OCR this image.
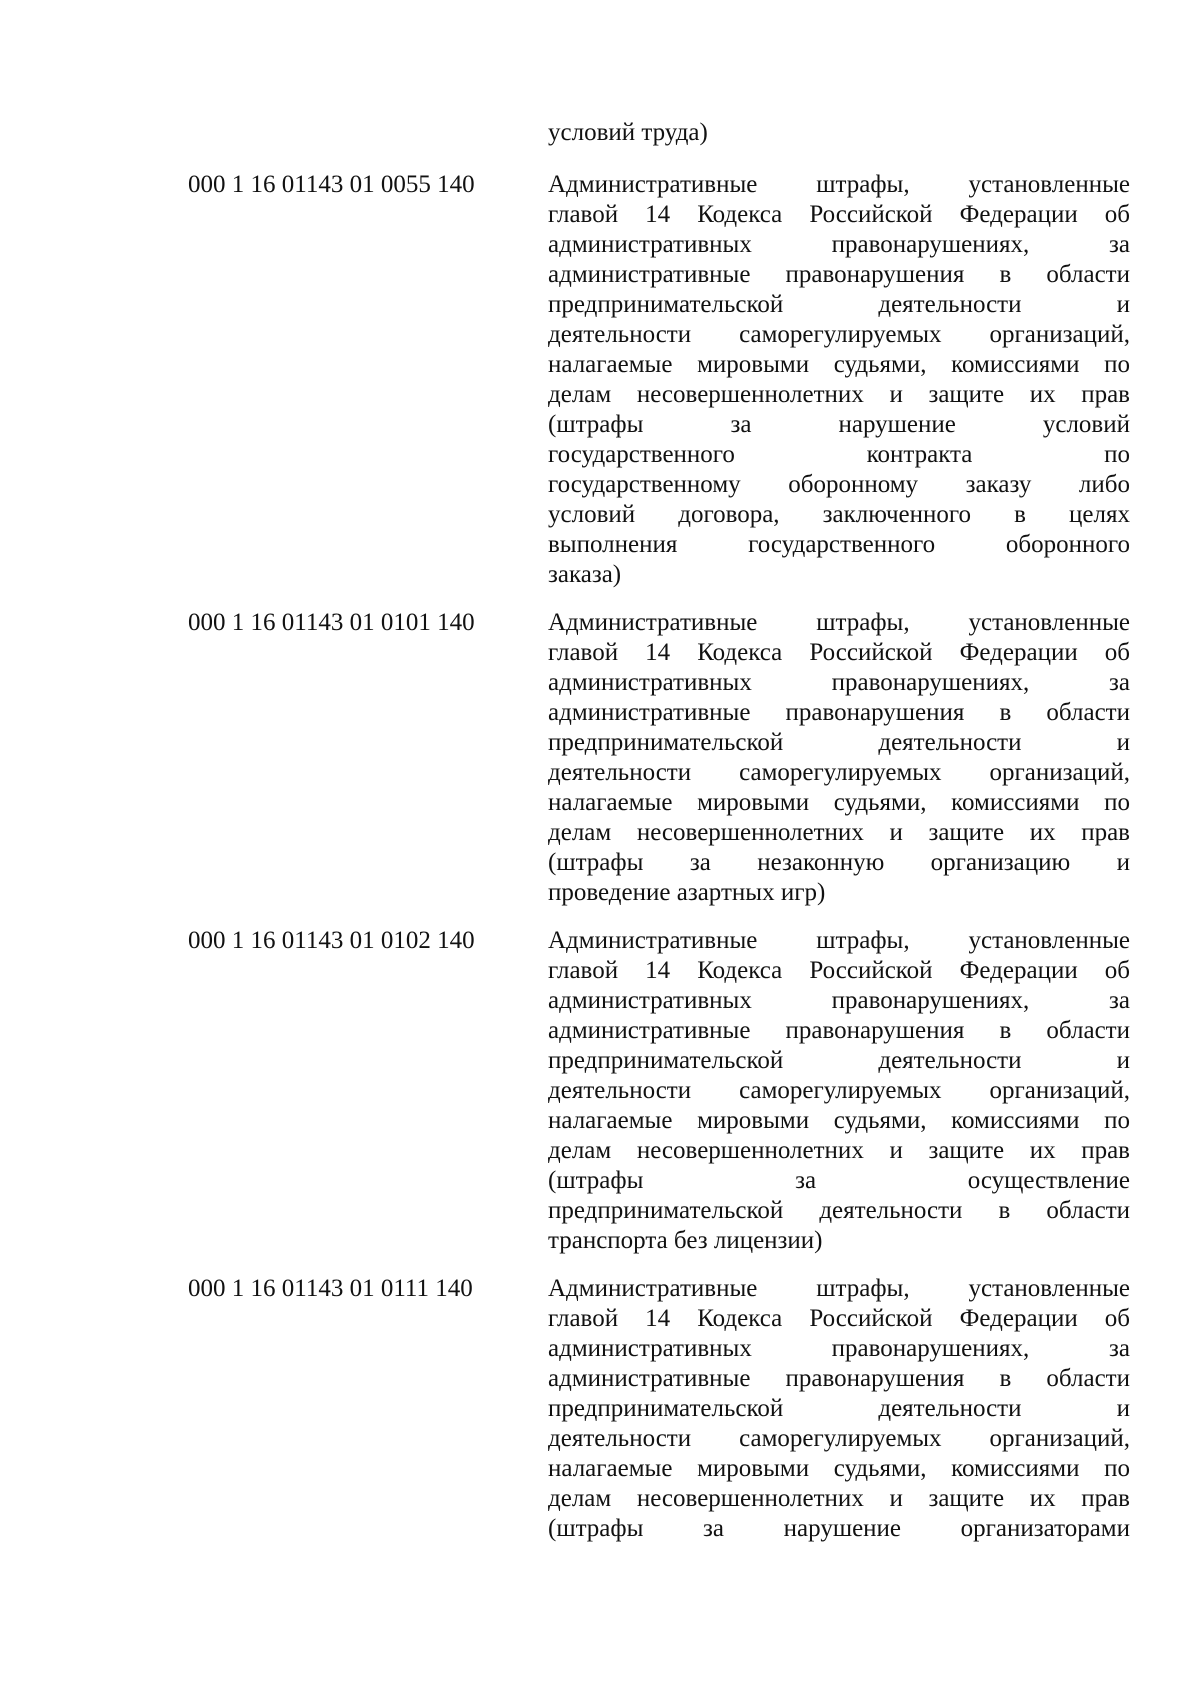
условий труда)
000 1 16 01143 01 0055 140	Административные штрафы, установленные
главой 14 Кодекса Российской Федерации об
административных правонарушениях, за
административные правонарушения в области
предпринимательской деятельности и
деятельности саморегулируемых организаций,
налагаемые мировыми судьями, комиссиями по
делам несовершеннолетних и защите их прав
(штрафы за нарушение условий
государственного контракта по
государственному оборонному заказу либо
условий договора, заключенного в целях
выполнения государственного оборонного
заказа)
000 1 16 01143 01 0101 140	Административные штрафы, установленные
главой 14 Кодекса Российской Федерации об
административных правонарушениях, за
административные правонарушения в области
предпринимательской деятельности и
деятельности саморегулируемых организаций,
налагаемые мировыми судьями, комиссиями по
делам несовершеннолетних и защите их прав
(штрафы за незаконную организацию и
проведение азартных игр)
000 1 16 01143 01 0102 140	Административные штрафы, установленные
главой 14 Кодекса Российской Федерации об
административных правонарушениях, за
административные правонарушения в области
предпринимательской деятельности и
деятельности саморегулируемых организаций,
налагаемые мировыми судьями, комиссиями по
делам несовершеннолетних и защите их прав
(штрафы за осуществление
предпринимательской деятельности в области
транспорта без лицензии)
000 1 16 01143 01 0111 140	Административные штрафы, установленные
главой 14 Кодекса Российской Федерации об
административных правонарушениях, за
административные правонарушения в области
предпринимательской деятельности и
деятельности саморегулируемых организаций,
налагаемые мировыми судьями, комиссиями по
делам несовершеннолетних и защите их прав
(штрафы за нарушение организаторами
